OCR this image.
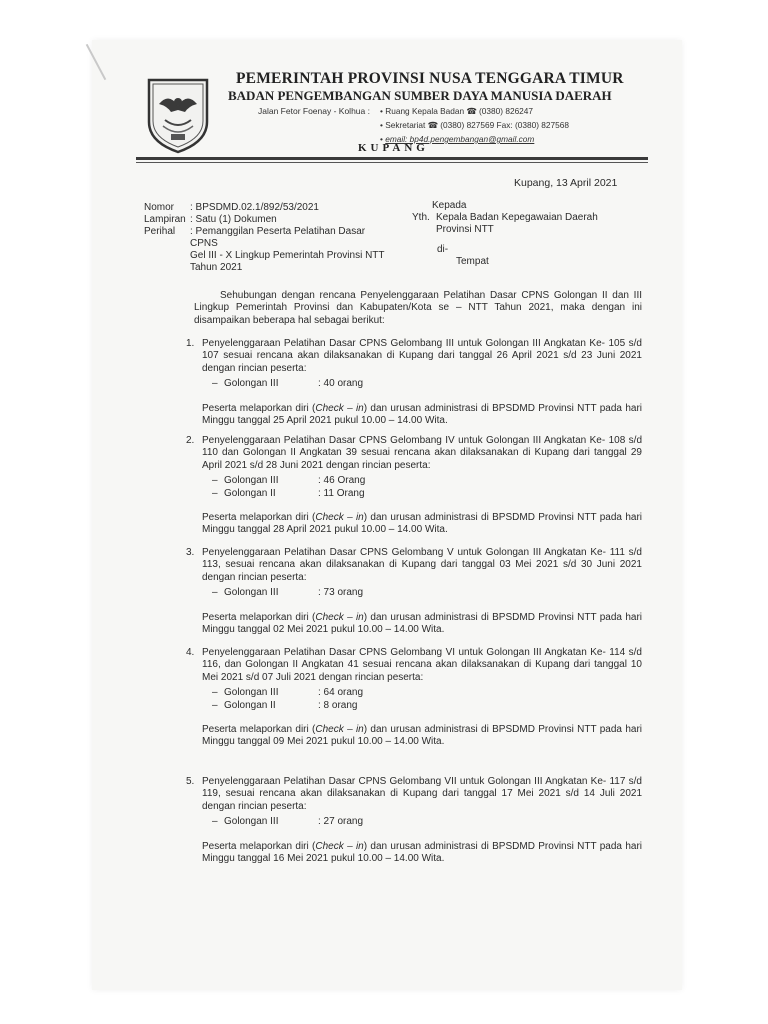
PEMERINTAH PROVINSI NUSA TENGGARA TIMUR
BADAN PENGEMBANGAN SUMBER DAYA MANUSIA DAERAH
Jalan Fetor Foenay - Kolhua : • Ruang Kepala Badan ☎ (0380) 826247
• Sekretariat ☎ (0380) 827569 Fax: (0380) 827568
• email: bp4d.pengembangan@gmail.com
KUPANG
Kupang, 13 April 2021
Nomor	: BPSDMD.02.1/892/53/2021
Lampiran : Satu (1) Dokumen
Perihal	: Pemanggilan Peserta Pelatihan Dasar CPNS
Gel III - X Lingkup Pemerintah Provinsi NTT
Tahun 2021
Kepada
Yth. Kepala Badan Kepegawaian Daerah
Provinsi NTT
di-
Tempat
Sehubungan dengan rencana Penyelenggaraan Pelatihan Dasar CPNS Golongan II dan III Lingkup Pemerintah Provinsi dan Kabupaten/Kota se – NTT Tahun 2021, maka dengan ini disampaikan beberapa hal sebagai berikut:
1. Penyelenggaraan Pelatihan Dasar CPNS Gelombang III untuk Golongan III Angkatan Ke- 105 s/d 107 sesuai rencana akan dilaksanakan di Kupang dari tanggal 26 April 2021 s/d 23 Juni 2021 dengan rincian peserta:
– Golongan III	: 40 orang
Peserta melaporkan diri (Check – in) dan urusan administrasi di BPSDMD Provinsi NTT pada hari Minggu tanggal 25 April 2021 pukul 10.00 – 14.00 Wita.
2. Penyelenggaraan Pelatihan Dasar CPNS Gelombang IV untuk Golongan III Angkatan Ke- 108 s/d 110 dan Golongan II Angkatan 39 sesuai rencana akan dilaksanakan di Kupang dari tanggal 29 April 2021 s/d 28 Juni 2021 dengan rincian peserta:
– Golongan III	: 46 Orang
– Golongan II	: 11 Orang
Peserta melaporkan diri (Check – in) dan urusan administrasi di BPSDMD Provinsi NTT pada hari Minggu tanggal 28 April 2021 pukul 10.00 – 14.00 Wita.
3. Penyelenggaraan Pelatihan Dasar CPNS Gelombang V untuk Golongan III Angkatan Ke- 111 s/d 113, sesuai rencana akan dilaksanakan di Kupang dari tanggal 03 Mei 2021 s/d 30 Juni 2021 dengan rincian peserta:
– Golongan III	: 73 orang
Peserta melaporkan diri (Check – in) dan urusan administrasi di BPSDMD Provinsi NTT pada hari Minggu tanggal 02 Mei 2021 pukul 10.00 – 14.00 Wita.
4. Penyelenggaraan Pelatihan Dasar CPNS Gelombang VI untuk Golongan III Angkatan Ke- 114 s/d 116, dan Golongan II Angkatan 41 sesuai rencana akan dilaksanakan di Kupang dari tanggal 10 Mei 2021 s/d 07 Juli 2021 dengan rincian peserta:
– Golongan III	: 64 orang
– Golongan II	: 8 orang
Peserta melaporkan diri (Check – in) dan urusan administrasi di BPSDMD Provinsi NTT pada hari Minggu tanggal 09 Mei 2021 pukul 10.00 – 14.00 Wita.
5. Penyelenggaraan Pelatihan Dasar CPNS Gelombang VII untuk Golongan III Angkatan Ke- 117 s/d 119, sesuai rencana akan dilaksanakan di Kupang dari tanggal 17 Mei 2021 s/d 14 Juli 2021 dengan rincian peserta:
– Golongan III	: 27 orang
Peserta melaporkan diri (Check – in) dan urusan administrasi di BPSDMD Provinsi NTT pada hari Minggu tanggal 16 Mei 2021 pukul 10.00 – 14.00 Wita.
